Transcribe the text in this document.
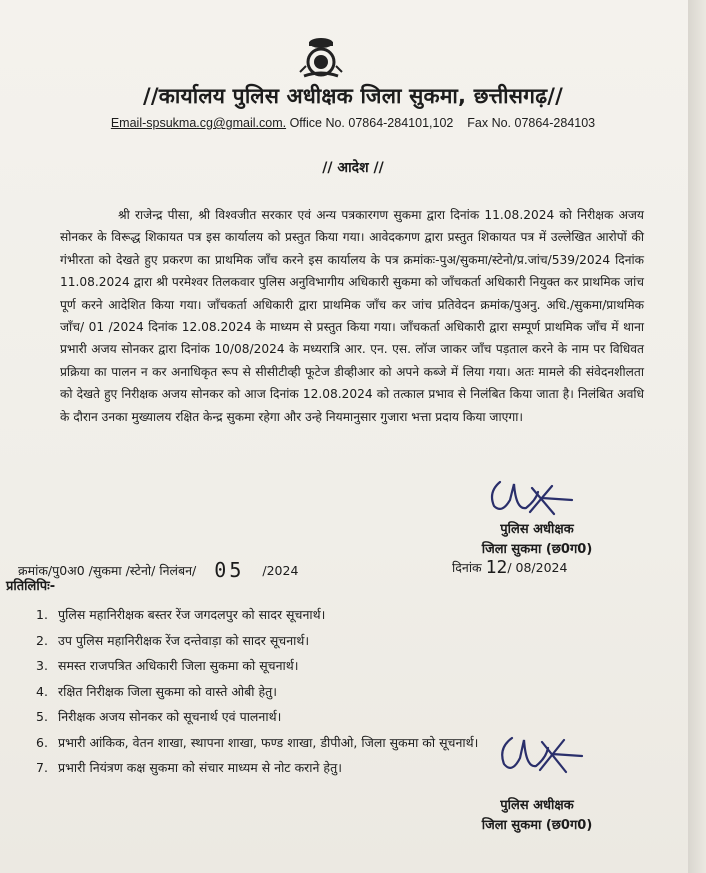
//कार्यालय पुलिस अधीक्षक जिला सुकमा, छत्तीसगढ़//
Email-spsukma.cg@gmail.com. Office No. 07864-284101,102 Fax No. 07864-284103
// आदेश //
श्री राजेन्द्र पीसा, श्री विश्वजीत सरकार एवं अन्य पत्रकारगण सुकमा द्वारा दिनांक 11.08.2024 को निरीक्षक अजय सोनकर के विरूद्ध शिकायत पत्र इस कार्यालय को प्रस्तुत किया गया। आवेदकगण द्वारा प्रस्तुत शिकायत पत्र में उल्लेखित आरोपों की गंभीरता को देखते हुए प्रकरण का प्राथमिक जाँच करने इस कार्यालय के पत्र क्रमांकः-पुअ/सुकमा/स्टेनो/प्र.जांच/539/2024 दिनांक 11.08.2024 द्वारा श्री परमेश्वर तिलकवार पुलिस अनुविभागीय अधिकारी सुकमा को जाँचकर्ता अधिकारी नियुक्त कर प्राथमिक जांच पूर्ण करने आदेशित किया गया। जाँचकर्ता अधिकारी द्वारा प्राथमिक जाँच कर जांच प्रतिवेदन क्रमांक/पुअनु. अधि./सुकमा/प्राथमिक जाँच/ 01 /2024 दिनांक 12.08.2024 के माध्यम से प्रस्तुत किया गया। जाँचकर्ता अधिकारी द्वारा सम्पूर्ण प्राथमिक जाँच में थाना प्रभारी अजय सोनकर द्वारा दिनांक 10/08/2024 के मध्यरात्रि आर. एन. एस. लॉज जाकर जाँच पड़ताल करने के नाम पर विधिवत प्रक्रिया का पालन न कर अनाधिकृत रूप से सीसीटीव्ही फूटेज डीव्हीआर को अपने कब्जे में लिया गया। अतः मामले की संवेदनशीलता को देखते हुए निरीक्षक अजय सोनकर को आज दिनांक 12.08.2024 को तत्काल प्रभाव से निलंबित किया जाता है। निलंबित अवधि के दौरान उनका मुख्यालय रक्षित केन्द्र सुकमा रहेगा और उन्हे नियमानुसार गुजारा भत्ता प्रदाय किया जाएगा।
पुलिस अधीक्षक
जिला सुकमा (छ0ग0)
क्रमांक/पु0अ0 /सुकमा /स्टेनो/ निलंबन/ 05 /2024	दिनांक 12/ 08/2024
प्रतिलिपिः-
1. पुलिस महानिरीक्षक बस्तर रेंज जगदलपुर को सादर सूचनार्थ।
2. उप पुलिस महानिरीक्षक रेंज दन्तेवाड़ा को सादर सूचनार्थ।
3. समस्त राजपत्रित अधिकारी जिला सुकमा को सूचनार्थ।
4. रक्षित निरीक्षक जिला सुकमा को वास्ते ओबी हेतु।
5. निरीक्षक अजय सोनकर को सूचनार्थ एवं पालनार्थ।
6. प्रभारी आंकिक, वेतन शाखा, स्थापना शाखा, फण्ड शाखा, डीपीओ, जिला सुकमा को सूचनार्थ।
7. प्रभारी नियंत्रण कक्ष सुकमा को संचार माध्यम से नोट कराने हेतु।
पुलिस अधीक्षक
जिला सुकमा (छ0ग0)
